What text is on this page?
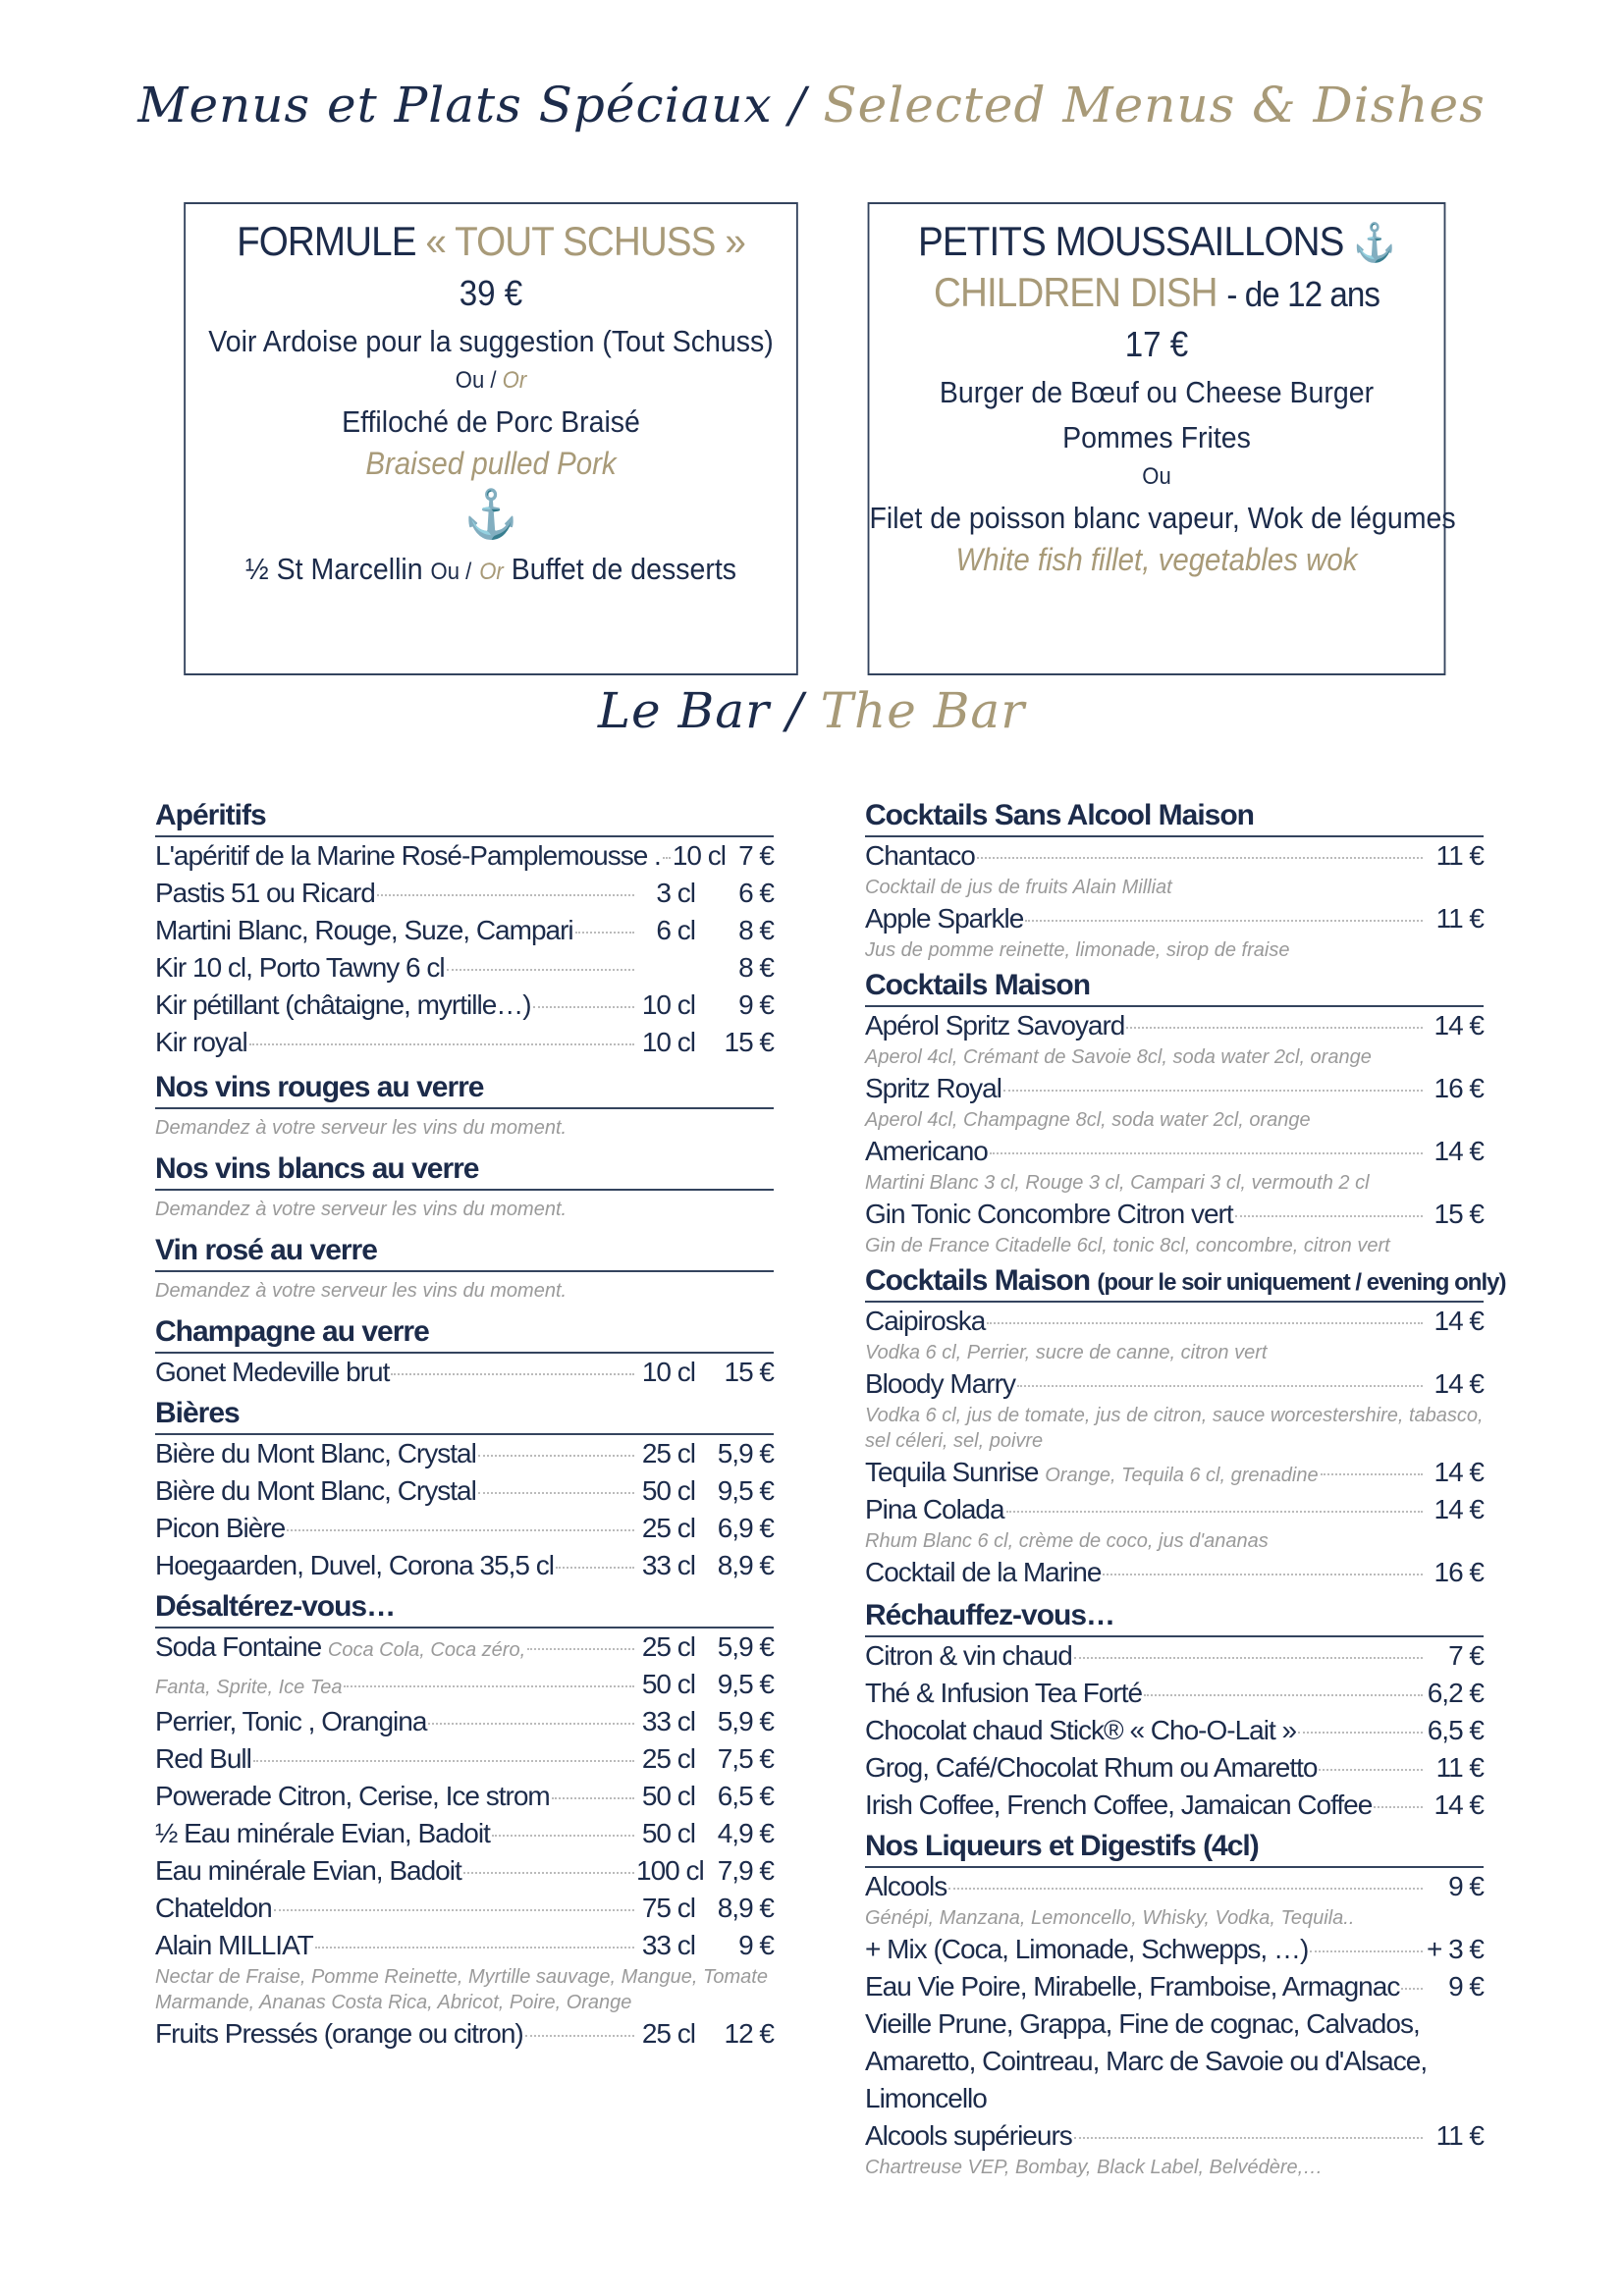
Menus et Plats Spéciaux / Selected Menus & Dishes
FORMULE « TOUT SCHUSS »
39 €
Voir Ardoise pour la suggestion (Tout Schuss)
Ou / Or
Effiloché de Porc Braisé
Braised pulled Pork
⚓
½ St Marcellin Ou / Or Buffet de desserts
PETITS MOUSSAILLONS ⚓
CHILDREN DISH - de 12 ans
17 €
Burger de Bœuf ou Cheese Burger
Pommes Frites
Ou
Filet de poisson blanc vapeur, Wok de légumes
White fish fillet, vegetables wok
Le Bar / The Bar
Apéritifs
L'apéritif de la Marine Rosé-Pamplemousse . 10 cl 7 €
Pastis 51 ou Ricard	3 cl	6 €
Martini Blanc, Rouge, Suze, Campari	6 cl	8 €
Kir 10 cl, Porto Tawny 6 cl	8 €
Kir pétillant (châtaigne, myrtille…)	10 cl	9 €
Kir royal	10 cl	15 €
Nos vins rouges au verre
Demandez à votre serveur les vins du moment.
Nos vins blancs au verre
Demandez à votre serveur les vins du moment.
Vin rosé au verre
Demandez à votre serveur les vins du moment.
Champagne au verre
Gonet Medeville brut	10 cl	15 €
Bières
Bière du Mont Blanc, Crystal	25 cl 5,9 €
Bière du Mont Blanc, Crystal	50 cl 9,5 €
Picon Bière	25 cl 6,9 €
Hoegaarden, Duvel, Corona 35,5 cl	33 cl 8,9 €
Désaltérez-vous…
Soda Fontaine Coca Cola, Coca zéro,	25 cl 5,9 €
Fanta, Sprite, Ice Tea	50 cl 9,5 €
Perrier, Tonic , Orangina	33 cl 5,9 €
Red Bull	25 cl 7,5 €
Powerade Citron, Cerise, Ice strom	50 cl 6,5 €
½ Eau minérale Evian, Badoit	50 cl 4,9 €
Eau minérale Evian, Badoit	100 cl 7,9 €
Chateldon	75 cl 8,9 €
Alain MILLIAT	33 cl	9 €
Nectar de Fraise, Pomme Reinette, Myrtille sauvage, Mangue, Tomate Marmande, Ananas Costa Rica, Abricot, Poire, Orange
Fruits Pressés (orange ou citron)	25 cl	12 €
Cocktails Sans Alcool Maison
Chantaco	11 €
Cocktail de jus de fruits Alain Milliat
Apple Sparkle	11 €
Jus de pomme reinette, limonade, sirop de fraise
Cocktails Maison
Apérol Spritz Savoyard	14 €
Aperol 4cl, Crémant de Savoie 8cl, soda water 2cl, orange
Spritz Royal	16 €
Aperol 4cl, Champagne 8cl, soda water 2cl, orange
Americano	14 €
Martini Blanc 3 cl, Rouge 3 cl, Campari 3 cl, vermouth 2 cl
Gin Tonic Concombre Citron vert	15 €
Gin de France Citadelle 6cl, tonic 8cl, concombre, citron vert
Cocktails Maison (pour le soir uniquement / evening only)
Caipiroska	14 €
Vodka 6 cl, Perrier, sucre de canne, citron vert
Bloody Marry	14 €
Vodka 6 cl, jus de tomate, jus de citron, sauce worcestershire, tabasco, sel céleri, sel, poivre
Tequila Sunrise Orange, Tequila 6 cl, grenadine	14 €
Pina Colada	14 €
Rhum Blanc 6 cl, crème de coco, jus d'ananas
Cocktail de la Marine	16 €
Réchauffez-vous…
Citron & vin chaud	7 €
Thé & Infusion Tea Forté	6,2 €
Chocolat chaud Stick® « Cho-O-Lait »	6,5 €
Grog, Café/Chocolat Rhum ou Amaretto	11 €
Irish Coffee, French Coffee, Jamaican Coffee	14 €
Nos Liqueurs et Digestifs (4cl)
Alcools	9 €
Génépi, Manzana, Lemoncello, Whisky, Vodka, Tequila..
+ Mix (Coca, Limonade, Schwepps, …)	+ 3 €
Eau Vie Poire, Mirabelle, Framboise, Armagnac	9 €
Vieille Prune, Grappa, Fine de cognac, Calvados, Amaretto, Cointreau, Marc de Savoie ou d'Alsace, Limoncello
Alcools supérieurs	11 €
Chartreuse VEP, Bombay, Black Label, Belvédère,…
